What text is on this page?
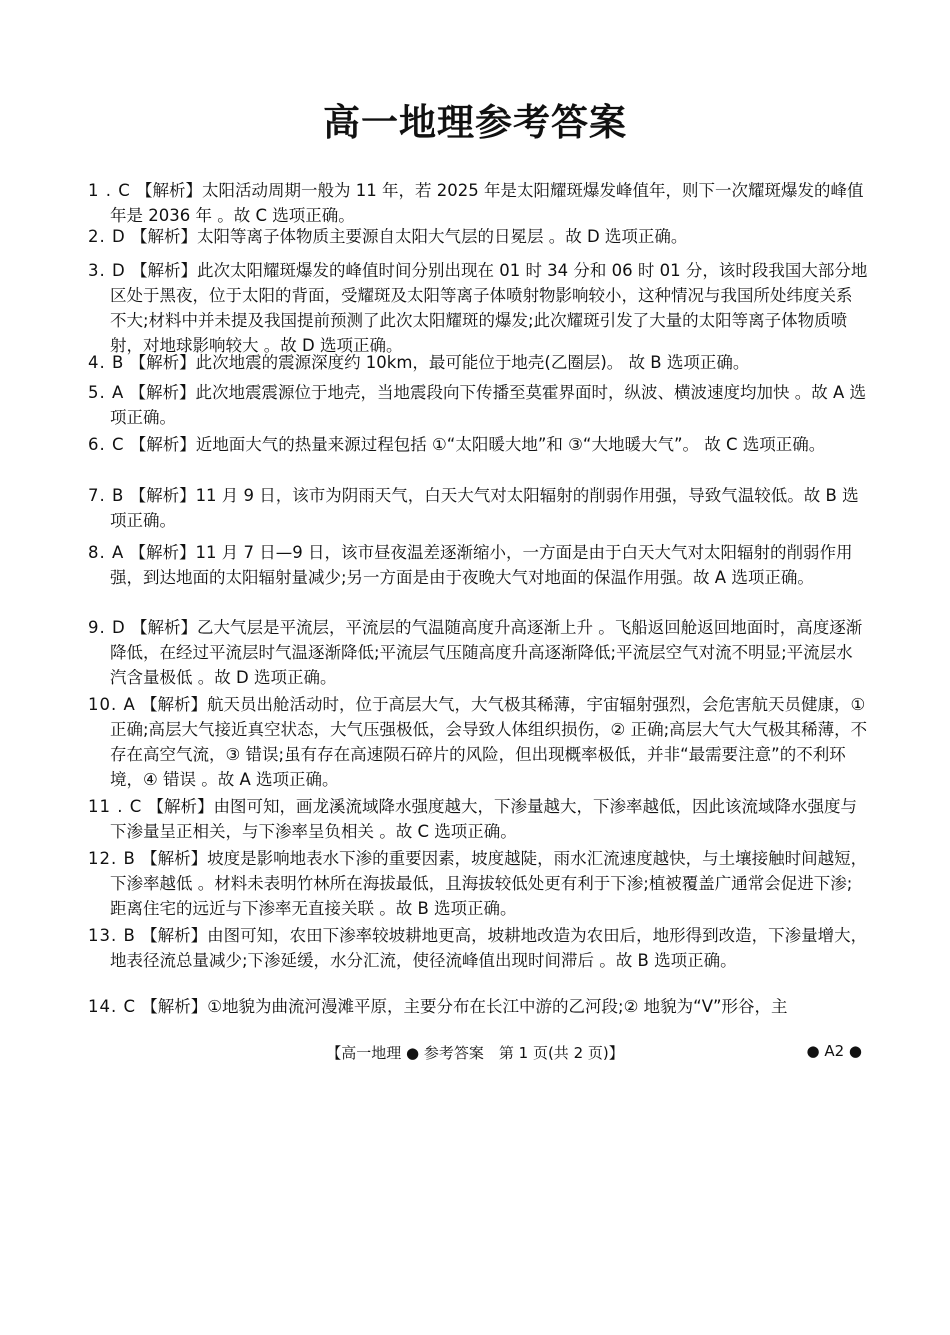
高一地理参考答案
1 . C 【解析】太阳活动周期一般为 11 年，若 2025 年是太阳耀斑爆发峰值年，则下一次耀斑爆发的峰值年是 2036 年 。故 C 选项正确。
2. D 【解析】太阳等离子体物质主要源自太阳大气层的日冕层 。故 D 选项正确。
3. D 【解析】此次太阳耀斑爆发的峰值时间分别出现在 01 时 34 分和 06 时 01 分，该时段我国大部分地区处于黑夜，位于太阳的背面，受耀斑及太阳等离子体喷射物影响较小，这种情况与我国所处纬度关系不大;材料中并未提及我国提前预测了此次太阳耀斑的爆发;此次耀斑引发了大量的太阳等离子体物质喷射，对地球影响较大 。故 D 选项正确。
4. B 【解析】此次地震的震源深度约 10km，最可能位于地壳(乙圈层)。 故 B 选项正确。
5. A 【解析】此次地震震源位于地壳，当地震段向下传播至莫霍界面时，纵波、横波速度均加快 。故 A 选项正确。
6. C 【解析】近地面大气的热量来源过程包括 ①“太阳暖大地”和 ③“大地暖大气”。 故 C 选项正确。
7. B 【解析】11 月 9 日，该市为阴雨天气，白天大气对太阳辐射的削弱作用强，导致气温较低。故 B 选项正确。
8. A 【解析】11 月 7 日—9 日，该市昼夜温差逐渐缩小，一方面是由于白天大气对太阳辐射的削弱作用强，到达地面的太阳辐射量减少;另一方面是由于夜晚大气对地面的保温作用强。故 A 选项正确。
9. D 【解析】乙大气层是平流层，平流层的气温随高度升高逐渐上升 。飞船返回舱返回地面时，高度逐渐降低，在经过平流层时气温逐渐降低;平流层气压随高度升高逐渐降低;平流层空气对流不明显;平流层水汽含量极低 。故 D 选项正确。
10. A 【解析】航天员出舱活动时，位于高层大气，大气极其稀薄，宇宙辐射强烈，会危害航天员健康，① 正确;高层大气接近真空状态，大气压强极低，会导致人体组织损伤，② 正确;高层大气大气极其稀薄，不存在高空气流，③ 错误;虽有存在高速陨石碎片的风险，但出现概率极低，并非“最需要注意”的不利环境，④ 错误 。故 A 选项正确。
11 . C 【解析】由图可知，画龙溪流域降水强度越大，下渗量越大，下渗率越低，因此该流域降水强度与下渗量呈正相关，与下渗率呈负相关 。故 C 选项正确。
12. B 【解析】坡度是影响地表水下渗的重要因素，坡度越陡，雨水汇流速度越快，与土壤接触时间越短，下渗率越低 。材料未表明竹林所在海拔最低，且海拔较低处更有利于下渗;植被覆盖广通常会促进下渗;距离住宅的远近与下渗率无直接关联 。故 B 选项正确。
13. B 【解析】由图可知，农田下渗率较坡耕地更高，坡耕地改造为农田后，地形得到改造，下渗量增大，地表径流总量减少;下渗延缓，水分汇流，使径流峰值出现时间滞后 。故 B 选项正确。
14. C 【解析】①地貌为曲流河漫滩平原，主要分布在长江中游的乙河段;② 地貌为“V”形谷，主
【高一地理 ● 参考答案　第 1 页(共 2 页)】	● A2 ●
